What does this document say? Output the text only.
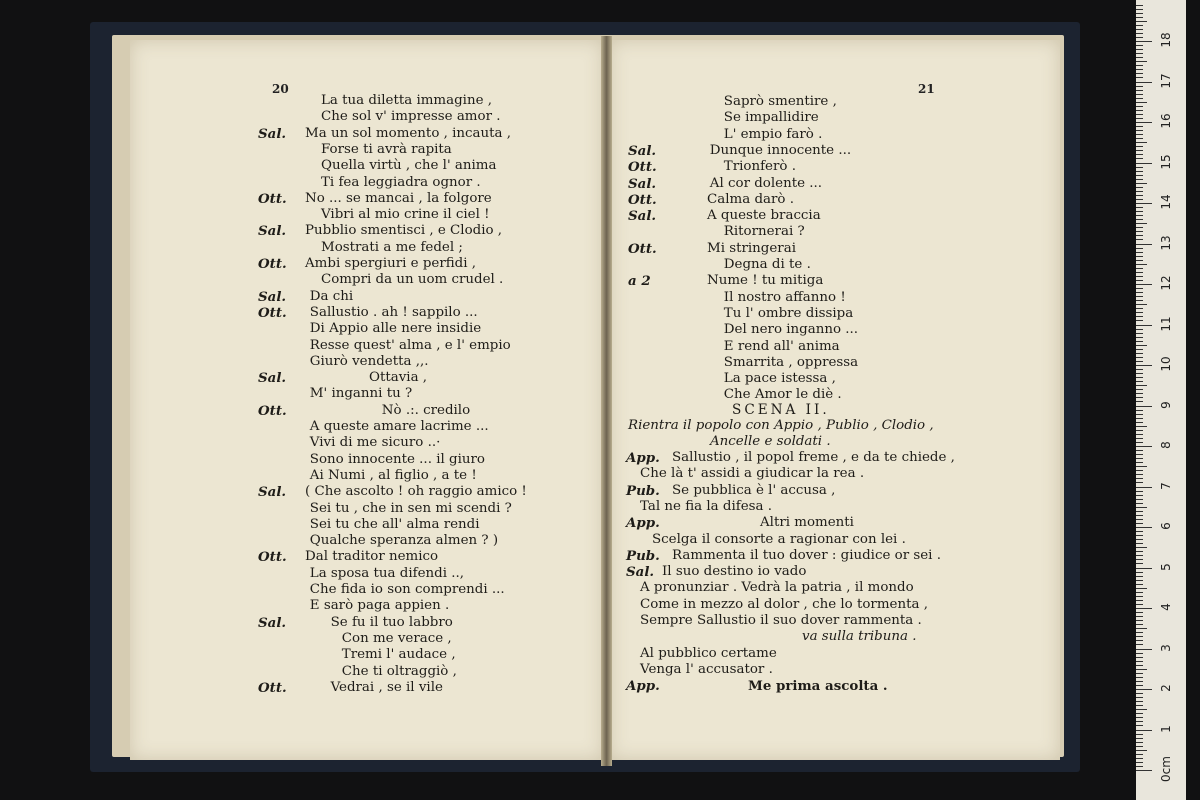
20
La tua diletta immagine ,
Che sol v' impresse amor .
Sal. Ma un sol momento , incauta ,
Forse ti avrà rapita
Quella virtù , che l' anima
Ti fea leggiadra ognor .
Ott. No ... se mancai , la folgore
Vibri al mio crine il ciel !
Sal. Pubblio smentisci , e Clodio ,
Mostrati a me fedel ;
Ott. Ambi spergiuri e perfidi ,
Compri da un uom crudel .
Sal. Da chi
Ott. Sallustio . ah ! sappilo ...
Di Appio alle nere insidie
Resse quest' alma , e l' empio
Giurò vendetta ,,.
Sal.	Ottavia ,
M' inganni tu ?
Ott.	Nò .:. credilo
A queste amare lacrime ...
Vivi di me sicuro ..·
Sono innocente ... il giuro
Ai Numi , al figlio , a te !
Sal. ( Che ascolto ! oh raggio amico !
Sei tu , che in sen mi scendi ?
Sei tu che all' alma rendi
Qualche speranza almen ? )
Ott. Dal traditor nemico
La sposa tua difendi ..,
Che fida io son comprendi ...
E sarò paga appien .
Sal.	Se fu il tuo labbro
Con me verace ,
Tremi l' audace ,
Che ti oltraggiò ,
Ott.	Vedrai , se il vile
21
Saprò smentire ,
Se impallidire
L' empio farò .
Sal.	Dunque innocente ...
Ott.	Trionferò .
Sal.	Al cor dolente ...
Ott.	Calma darò .
Sal.	A queste braccia
Ritornerai ?
Ott.	Mi stringerai
Degna di te .
a 2	Nume ! tu mitiga
Il nostro affanno !
Tu l' ombre dissipa
Del nero inganno ...
E rend all' anima
Smarrita , oppressa
La pace istessa ,
Che Amor le diè .
SCENA II.
Rientra il popolo con Appio , Publio , Clodio ,
Ancelle e soldati .
App. Sallustio , il popol freme , e da te chiede ,
Che là t' assidi a giudicar la rea .
Pub. Se pubblica è l' accusa ,
Tal ne fia la difesa .
App.	Altri momenti
Scelga il consorte a ragionar con lei .
Pub. Rammenta il tuo dover : giudice or sei .
Sal. Il suo destino io vado
A pronunziar . Vedrà la patria , il mondo
Come in mezzo al dolor , che lo tormenta ,
Sempre Sallustio il suo dover rammenta .
va sulla tribuna .
Al pubblico certame
Venga l' accusator .
App.	Me prima ascolta .
0cm
1
2
3
4
5
6
7
8
9
10
11
12
13
14
15
16
17
18
